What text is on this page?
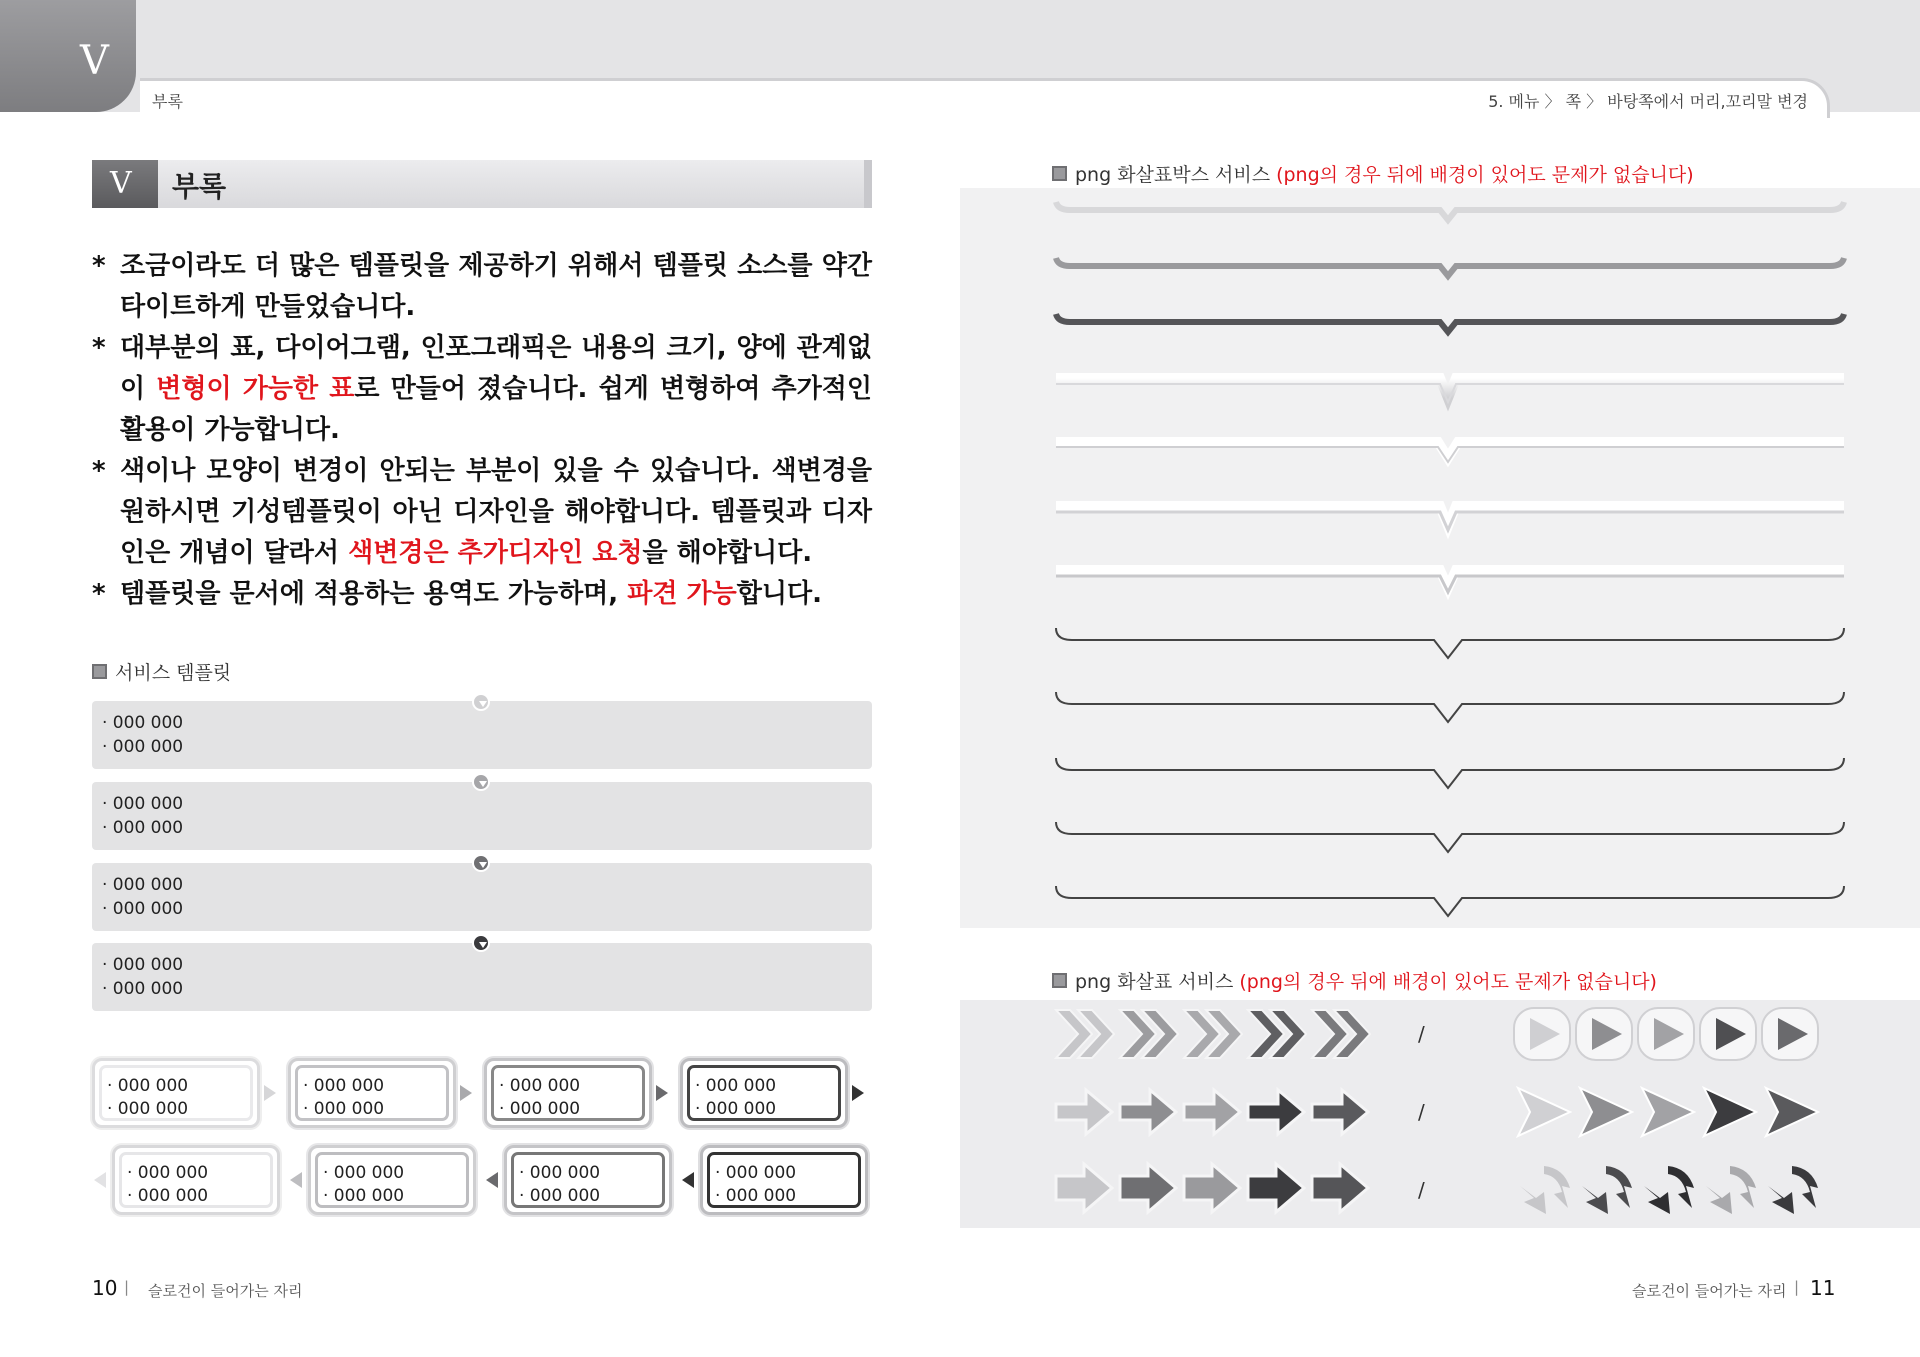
V
부록	5. 메뉴 〉 쪽 〉 바탕쪽에서 머리,꼬리말 변경
V 부록

* 조금이라도 더 많은 템플릿을 제공하기 위해서 템플릿 소스를 약간 타이트하게 만들었습니다.

* 대부분의 표, 다이어그램, 인포그래픽은 내용의 크기, 양에 관계없이 변형이 가능한 표로 만들어 졌습니다. 쉽게 변형하여 추가적인 활용이 가능합니다.

* 색이나 모양이 변경이 안되는 부분이 있을 수 있습니다. 색변경을 원하시면 기성템플릿이 아닌 디자인을 해야합니다. 템플릿과 디자인은 개념이 달라서 색변경은 추가디자인 요청을 해야합니다.

* 템플릿을 문서에 적용하는 용역도 가능하며, 파견 가능합니다.

서비스 템플릿
· 000 000
· 000 000
· 000 000
· 000 000
· 000 000
· 000 000
· 000 000
· 000 000
· 000 000
· 000 000
· 000 000
· 000 000
· 000 000
· 000 000
· 000 000
· 000 000
· 000 000
· 000 000
· 000 000
· 000 000
· 000 000
· 000 000
· 000 000
· 000 000
png 화살표박스 서비스 (png의 경우 뒤에 배경이 있어도 문제가 없습니다)
png 화살표 서비스 (png의 경우 뒤에 배경이 있어도 문제가 없습니다)
/
/
/
10 | 슬로건이 들어가는 자리	슬로건이 들어가는 자리 | 11
